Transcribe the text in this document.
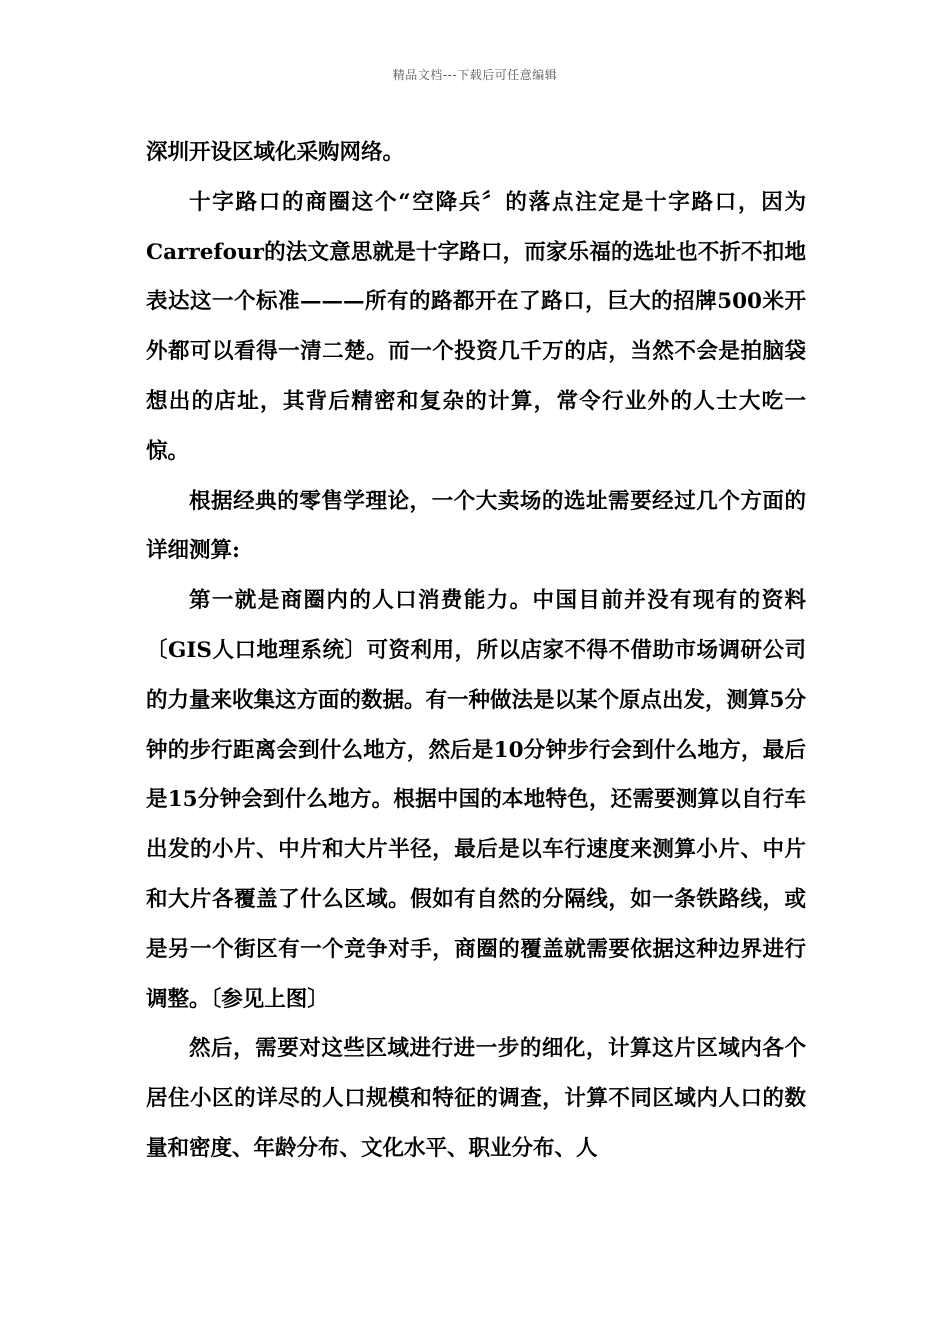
精品文档---下载后可任意编辑

深圳开设区域化采购网络。

十字路口的商圈这个“空降兵〞的落点注定是十字路口，因为Carrefour的法文意思就是十字路口，而家乐福的选址也不折不扣地表达这一个标准———所有的路都开在了路口，巨大的招牌500米开外都可以看得一清二楚。而一个投资几千万的店，当然不会是拍脑袋想出的店址，其背后精密和复杂的计算，常令行业外的人士大吃一惊。

根据经典的零售学理论，一个大卖场的选址需要经过几个方面的详细测算:

第一就是商圈内的人口消费能力。中国目前并没有现有的资料〔GIS人口地理系统〕可资利用，所以店家不得不借助市场调研公司的力量来收集这方面的数据。有一种做法是以某个原点出发，测算5分钟的步行距离会到什么地方，然后是10分钟步行会到什么地方，最后是15分钟会到什么地方。根据中国的本地特色，还需要测算以自行车出发的小片、中片和大片半径，最后是以车行速度来测算小片、中片和大片各覆盖了什么区域。假如有自然的分隔线，如一条铁路线，或是另一个街区有一个竞争对手，商圈的覆盖就需要依据这种边界进行调整。〔参见上图〕

然后，需要对这些区域进行进一步的细化，计算这片区域内各个居住小区的详尽的人口规模和特征的调查，计算不同区域内人口的数量和密度、年龄分布、文化水平、职业分布、人
